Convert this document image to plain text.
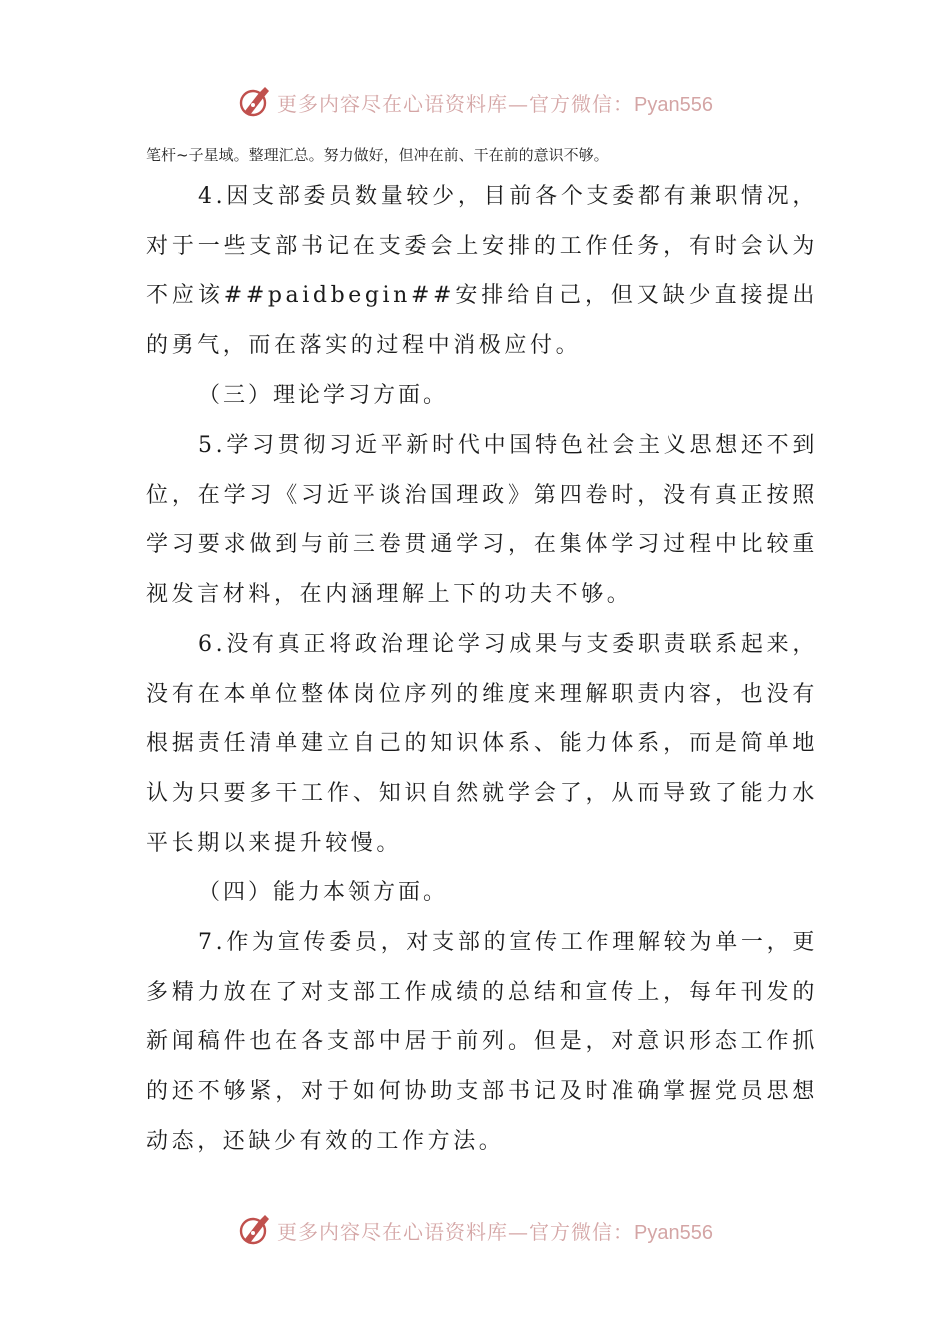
更多内容尽在心语资料库—官方微信：Pyan556
笔杆~子星域。整理汇总。努力做好，但冲在前、干在前的意识不够。

4.因支部委员数量较少，目前各个支委都有兼职情况，对于一些支部书记在支委会上安排的工作任务，有时会认为不应该##paidbegin##安排给自己，但又缺少直接提出的勇气，而在落实的过程中消极应付。

（三）理论学习方面。

5.学习贯彻习近平新时代中国特色社会主义思想还不到位，在学习《习近平谈治国理政》第四卷时，没有真正按照学习要求做到与前三卷贯通学习，在集体学习过程中比较重视发言材料，在内涵理解上下的功夫不够。

6.没有真正将政治理论学习成果与支委职责联系起来，没有在本单位整体岗位序列的维度来理解职责内容，也没有根据责任清单建立自己的知识体系、能力体系，而是简单地认为只要多干工作、知识自然就学会了，从而导致了能力水平长期以来提升较慢。

（四）能力本领方面。

7.作为宣传委员，对支部的宣传工作理解较为单一，更多精力放在了对支部工作成绩的总结和宣传上，每年刊发的新闻稿件也在各支部中居于前列。但是，对意识形态工作抓的还不够紧，对于如何协助支部书记及时准确掌握党员思想动态，还缺少有效的工作方法。

更多内容尽在心语资料库—官方微信：Pyan556
